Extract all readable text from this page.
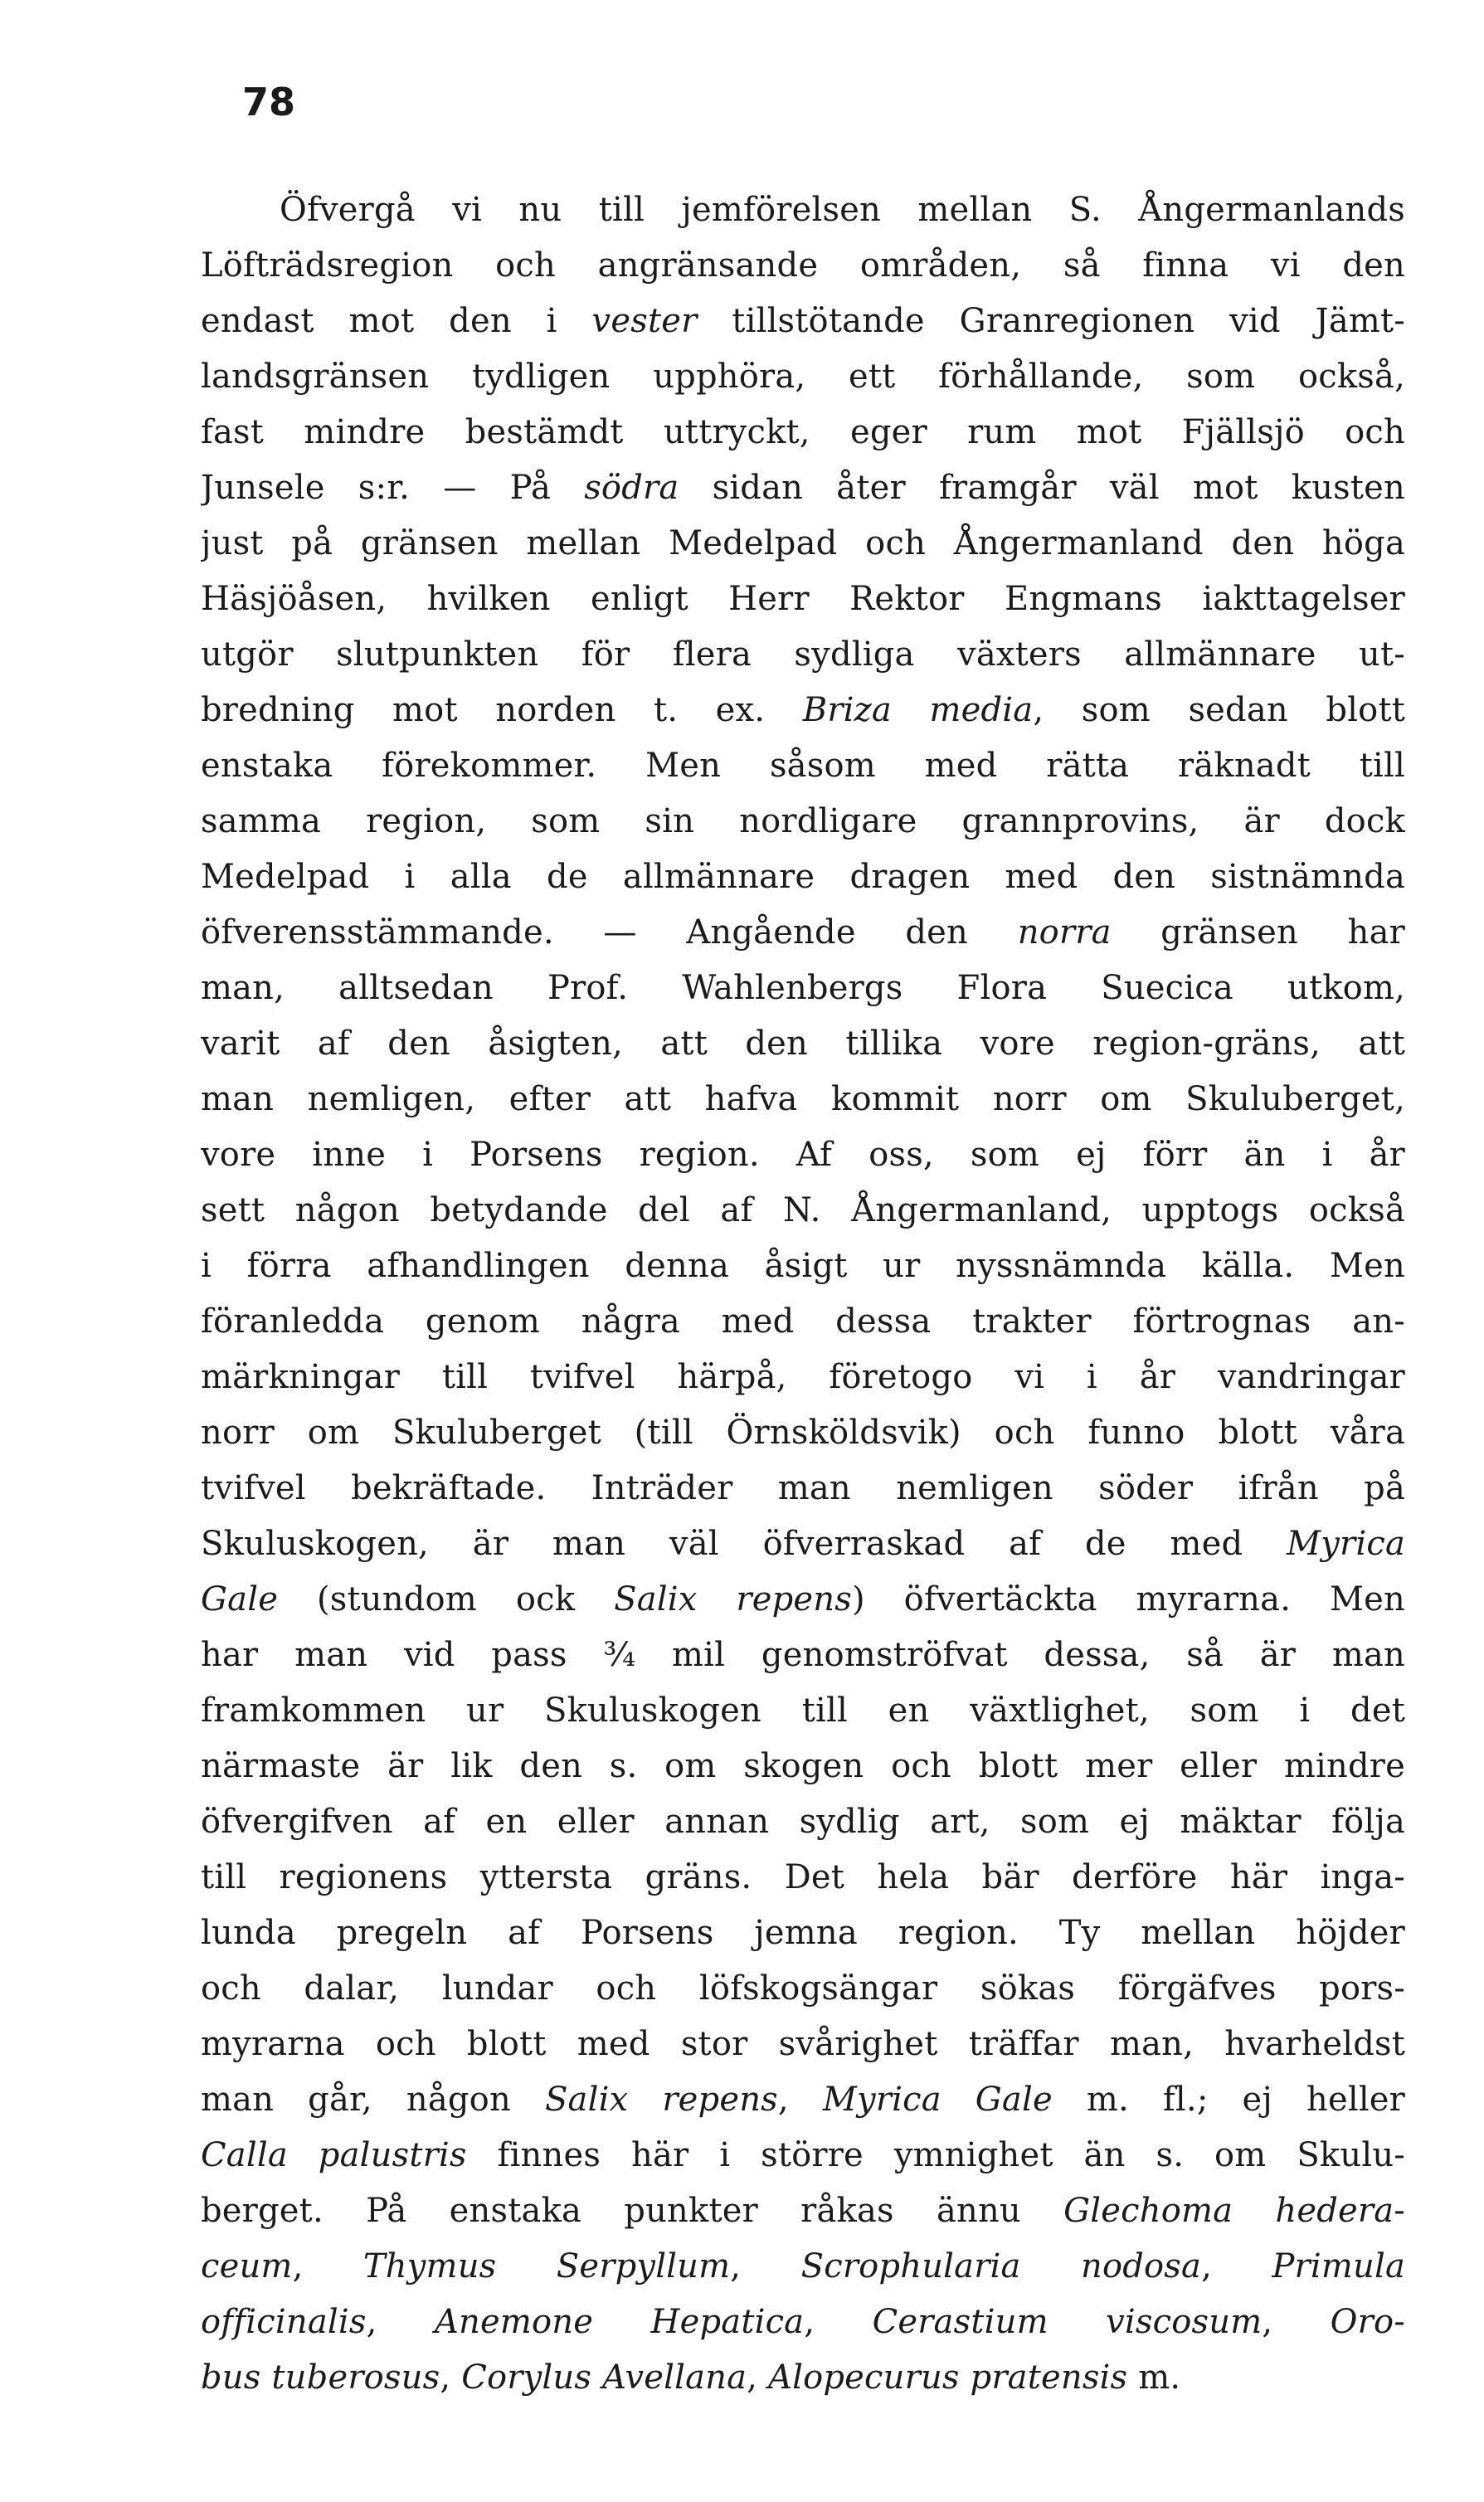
78
Öfvergå vi nu till jemförelsen mellan S. Ångermanlands
Löfträdsregion och angränsande områden, så finna vi den
endast mot den i vester tillstötande Granregionen vid Jämt-
landsgränsen tydligen upphöra, ett förhållande, som också,
fast mindre bestämdt uttryckt, eger rum mot Fjällsjö och
Junsele s:r. — På södra sidan åter framgår väl mot kusten
just på gränsen mellan Medelpad och Ångermanland den höga
Häsjöåsen, hvilken enligt Herr Rektor Engmans iakttagelser
utgör slutpunkten för flera sydliga växters allmännare ut-
bredning mot norden t. ex. Briza media, som sedan blott
enstaka förekommer. Men såsom med rätta räknadt till
samma region, som sin nordligare grannprovins, är dock
Medelpad i alla de allmännare dragen med den sistnämnda
öfverensstämmande. — Angående den norra gränsen har
man, alltsedan Prof. Wahlenbergs Flora Suecica utkom,
varit af den åsigten, att den tillika vore region-gräns, att
man nemligen, efter att hafva kommit norr om Skuluberget,
vore inne i Porsens region. Af oss, som ej förr än i år
sett någon betydande del af N. Ångermanland, upptogs också
i förra afhandlingen denna åsigt ur nyssnämnda källa. Men
föranledda genom några med dessa trakter förtrognas an-
märkningar till tvifvel härpå, företogo vi i år vandringar
norr om Skuluberget (till Örnsköldsvik) och funno blott våra
tvifvel bekräftade. Inträder man nemligen söder ifrån på
Skuluskogen, är man väl öfverraskad af de med Myrica
Gale (stundom ock Salix repens) öfvertäckta myrarna. Men
har man vid pass ¾ mil genomströfvat dessa, så är man
framkommen ur Skuluskogen till en växtlighet, som i det
närmaste är lik den s. om skogen och blott mer eller mindre
öfvergifven af en eller annan sydlig art, som ej mäktar följa
till regionens yttersta gräns. Det hela bär derföre här inga-
lunda pregeln af Porsens jemna region. Ty mellan höjder
och dalar, lundar och löfskogsängar sökas förgäfves pors-
myrarna och blott med stor svårighet träffar man, hvarheldst
man går, någon Salix repens, Myrica Gale m. fl.; ej heller
Calla palustris finnes här i större ymnighet än s. om Skulu-
berget. På enstaka punkter råkas ännu Glechoma hedera-
ceum, Thymus Serpyllum, Scrophularia nodosa, Primula
officinalis, Anemone Hepatica, Cerastium viscosum, Oro-
bus tuberosus, Corylus Avellana, Alopecurus pratensis m.
